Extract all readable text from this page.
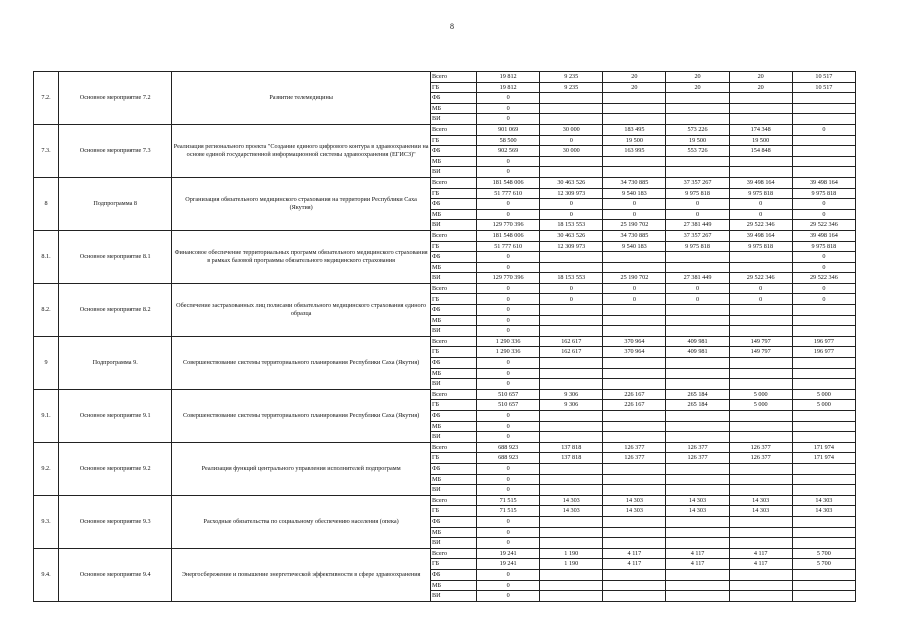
8
7.2.	Основное мероприятие 7.2	Развитие телемедицины	Всего	19 812	9 235	20	20	20	10 517
			ГБ	19 812	9 235	20	20	20	10 517
			ФБ	0					
			МБ	0					
			ВИ	0					
7.3.	Основное мероприятие 7.3	Реализация регионального проекта "Создание единого цифрового контура в здравоохранении на основе единой государственной информационной системы здравоохранения (ЕГИСЗ)"	Всего	901 069	30 000	183 495	573 226	174 348	0
			ГБ	58 500	0	19 500	19 500	19 500	
			ФБ	902 569	30 000	163 995	553 726	154 848	
			МБ	0					
			ВИ	0					
8	Подпрограмма 8	Организация обязательного медицинского страхования на территории Республики Саха (Якутия)	Всего	181 548 006	30 463 526	34 730 885	37 357 267	39 498 164	39 498 164
			ГБ	51 777 610	12 309 973	9 540 183	9 975 818	9 975 818	9 975 818
			ФБ	0	0	0	0	0	0
			МБ	0	0	0	0	0	0
			ВИ	129 770 396	18 153 553	25 190 702	27 381 449	29 522 346	29 522 346
8.1.	Основное мероприятие 8.1	Финансовое обеспечение территориальных программ обязательного медицинского страхования в рамках базовой программы обязательного медицинского страхования	Всего	181 548 006	30 463 526	34 730 885	37 357 267	39 498 164	39 498 164
			ГБ	51 777 610	12 309 973	9 540 183	9 975 818	9 975 818	9 975 818
			ФБ	0					0
			МБ	0					0
			ВИ	129 770 396	18 153 553	25 190 702	27 381 449	29 522 346	29 522 346
8.2.	Основное мероприятие 8.2	Обеспечение застрахованных лиц полисами обязательного медицинского страхования единого образца	Всего	0	0	0	0	0	0
			ГБ	0	0	0	0	0	0
			ФБ	0					
			МБ	0					
			ВИ	0					
9	Подпрограмма 9.	Совершенствование системы территориального планирования Республики Саха (Якутия)	Всего	1 290 336	162 617	370 964	409 981	149 797	196 977
			ГБ	1 290 336	162 617	370 964	409 981	149 797	196 977
			ФБ	0					
			МБ	0					
			ВИ	0					
9.1.	Основное мероприятие 9.1	Совершенствование системы территориального планирования Республики Саха (Якутия)	Всего	510 657	9 306	226 167	265 184	5 000	5 000
			ГБ	510 657	9 306	226 167	265 184	5 000	5 000
			ФБ	0					
			МБ	0					
			ВИ	0					
9.2.	Основное мероприятие 9.2	Реализация функций центрального управления исполнителей подпрограмм	Всего	688 923	137 818	126 377	126 377	126 377	171 974
			ГБ	688 923	137 818	126 377	126 377	126 377	171 974
			ФБ	0					
			МБ	0					
			ВИ	0					
9.3.	Основное мероприятие 9.3	Расходные обязательства по социальному обеспечению населения (опека)	Всего	71 515	14 303	14 303	14 303	14 303	14 303
			ГБ	71 515	14 303	14 303	14 303	14 303	14 303
			ФБ	0					
			МБ	0					
			ВИ	0					
9.4.	Основное мероприятие 9.4	Энергосбережение и повышение энергетической эффективности в сфере здравоохранения	Всего	19 241	1 190	4 117	4 117	4 117	5 700
			ГБ	19 241	1 190	4 117	4 117	4 117	5 700
			ФБ	0					
			МБ	0					
			ВИ	0					
